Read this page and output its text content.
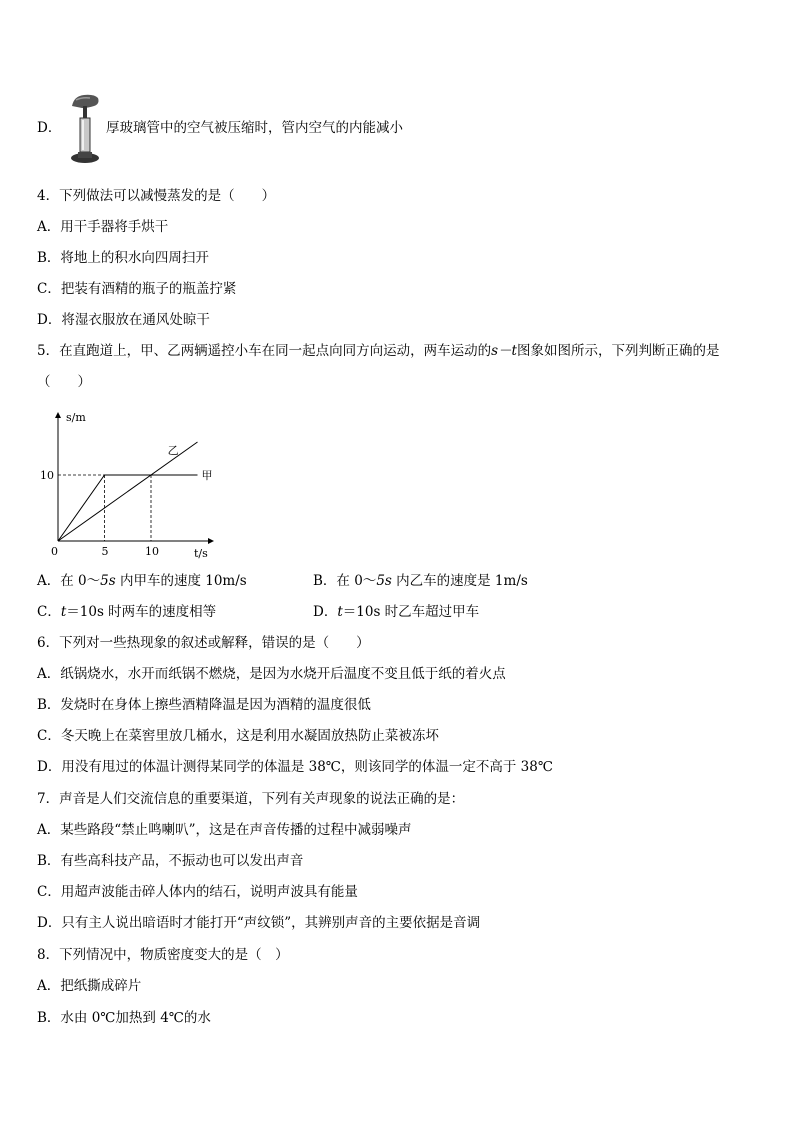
D．	厚玻璃管中的空气被压缩时，管内空气的内能减小
4．下列做法可以减慢蒸发的是（　　）
A．用干手器将手烘干
B．将地上的积水向四周扫开
C．把装有酒精的瓶子的瓶盖拧紧
D．将湿衣服放在通风处晾干
5．在直跑道上，甲、乙两辆遥控小车在同一起点向同方向运动，两车运动的s－t图象如图所示，下列判断正确的是
（　　）
s/m
t/s
0	5	10
10	甲
乙
A．在 0～5s 内甲车的速度 10m/s	B．在 0～5s 内乙车的速度是 1m/s
C．t＝10s 时两车的速度相等	D．t＝10s 时乙车超过甲车
6．下列对一些热现象的叙述或解释，错误的是（　　）
A．纸锅烧水，水开而纸锅不燃烧，是因为水烧开后温度不变且低于纸的着火点
B．发烧时在身体上擦些酒精降温是因为酒精的温度很低
C．冬天晚上在菜窖里放几桶水，这是利用水凝固放热防止菜被冻坏
D．用没有甩过的体温计测得某同学的体温是 38℃，则该同学的体温一定不高于 38℃
7．声音是人们交流信息的重要渠道，下列有关声现象的说法正确的是：
A．某些路段“禁止鸣喇叭”，这是在声音传播的过程中减弱噪声
B．有些高科技产品，不振动也可以发出声音
C．用超声波能击碎人体内的结石，说明声波具有能量
D．只有主人说出暗语时才能打开“声纹锁”，其辨别声音的主要依据是音调
8．下列情况中，物质密度变大的是（　）
A．把纸撕成碎片
B．水由 0℃加热到 4℃的水
